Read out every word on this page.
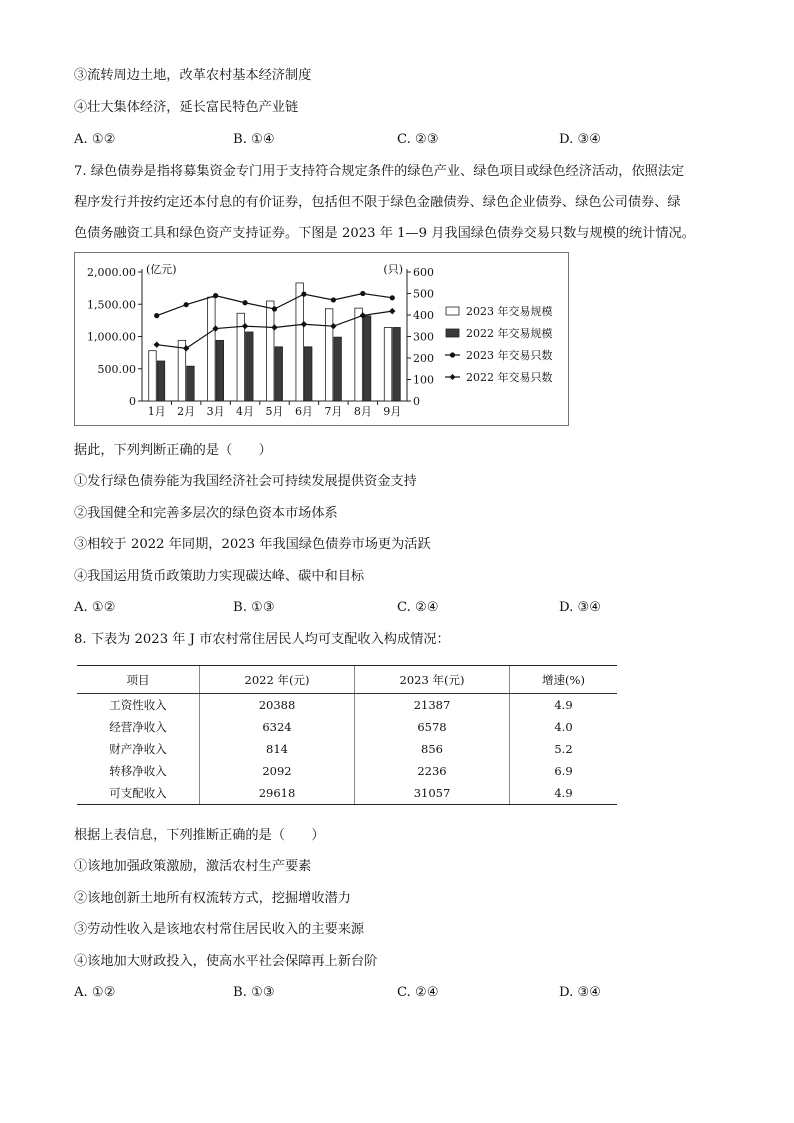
③流转周边土地，改革农村基本经济制度
④壮大集体经济，延长富民特色产业链
A. ①②	B. ①④	C. ②③	D. ③④
7. 绿色债券是指将募集资金专门用于支持符合规定条件的绿色产业、绿色项目或绿色经济活动，依照法定
程序发行并按约定还本付息的有价证券，包括但不限于绿色金融债券、绿色企业债券、绿色公司债券、绿
色债务融资工具和绿色资产支持证券。下图是 2023 年 1—9 月我国绿色债券交易只数与规模的统计情况。
0
500.00
1,000.00
1,500.00
2,000.00 (亿元)
0
100
200
300
400
500
600
(只)
1月 2月 3月 4月 5月 6月 7月 8月 9月
2023 年交易规模
2022 年交易规模
2023 年交易只数
2022 年交易只数
据此，下列判断正确的是（　　）
①发行绿色债券能为我国经济社会可持续发展提供资金支持
②我国健全和完善多层次的绿色资本市场体系
③相较于 2022 年同期，2023 年我国绿色债券市场更为活跃
④我国运用货币政策助力实现碳达峰、碳中和目标
A. ①②	B. ①③	C. ②④	D. ③④
8. 下表为 2023 年 J 市农村常住居民人均可支配收入构成情况：
项目	2022 年(元)	2023 年(元)	增速(%)
工资性收入	20388	21387	4.9
经营净收入	6324	6578	4.0
财产净收入	814	856	5.2
转移净收入	2092	2236	6.9
可支配收入	29618	31057	4.9
根据上表信息，下列推断正确的是（　　）
①该地加强政策激励，激活农村生产要素
②该地创新土地所有权流转方式，挖掘增收潜力
③劳动性收入是该地农村常住居民收入的主要来源
④该地加大财政投入，使高水平社会保障再上新台阶
A. ①②	B. ①③	C. ②④	D. ③④
